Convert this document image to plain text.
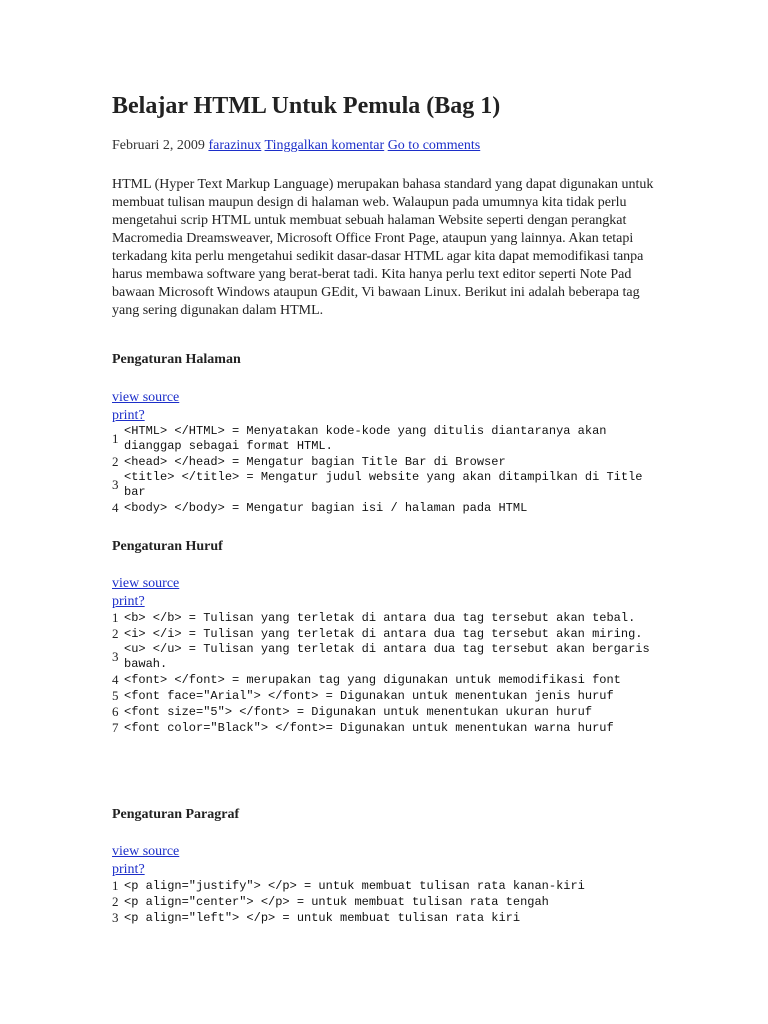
Belajar HTML Untuk Pemula (Bag 1)
Februari 2, 2009 farazinux Tinggalkan komentar Go to comments

HTML (Hyper Text Markup Language) merupakan bahasa standard yang dapat digunakan untuk membuat tulisan maupun design di halaman web. Walaupun pada umumnya kita tidak perlu mengetahui scrip HTML untuk membuat sebuah halaman Website seperti dengan perangkat Macromedia Dreamsweaver, Microsoft Office Front Page, ataupun yang lainnya. Akan tetapi terkadang kita perlu mengetahui sedikit dasar-dasar HTML agar kita dapat memodifikasi tanpa harus membawa software yang berat-berat tadi. Kita hanya perlu text editor seperti Note Pad bawaan Microsoft Windows ataupun GEdit, Vi bawaan Linux. Berikut ini adalah beberapa tag yang sering digunakan dalam HTML.

Pengaturan Halaman
view source
print?
1 <HTML> </HTML> = Menyatakan kode-kode yang ditulis diantaranya akan dianggap sebagai format HTML.
2 <head> </head> = Mengatur bagian Title Bar di Browser
3 <title> </title> = Mengatur judul website yang akan ditampilkan di Title bar
4 <body> </body> = Mengatur bagian isi / halaman pada HTML
Pengaturan Huruf
view source
print?
1 <b> </b> = Tulisan yang terletak di antara dua tag tersebut akan tebal.
2 <i> </i> = Tulisan yang terletak di antara dua tag tersebut akan miring.
3 <u> </u> = Tulisan yang terletak di antara dua tag tersebut akan bergaris bawah.
4 <font> </font> = merupakan tag yang digunakan untuk memodifikasi font
5 <font face="Arial"> </font> = Digunakan untuk menentukan jenis huruf
6 <font size="5"> </font> = Digunakan untuk menentukan ukuran huruf
7 <font color="Black"> </font>= Digunakan untuk menentukan warna huruf
Pengaturan Paragraf
view source
print?
1 <p align="justify"> </p> = untuk membuat tulisan rata kanan-kiri
2 <p align="center"> </p> = untuk membuat tulisan rata tengah
3 <p align="left"> </p> = untuk membuat tulisan rata kiri
